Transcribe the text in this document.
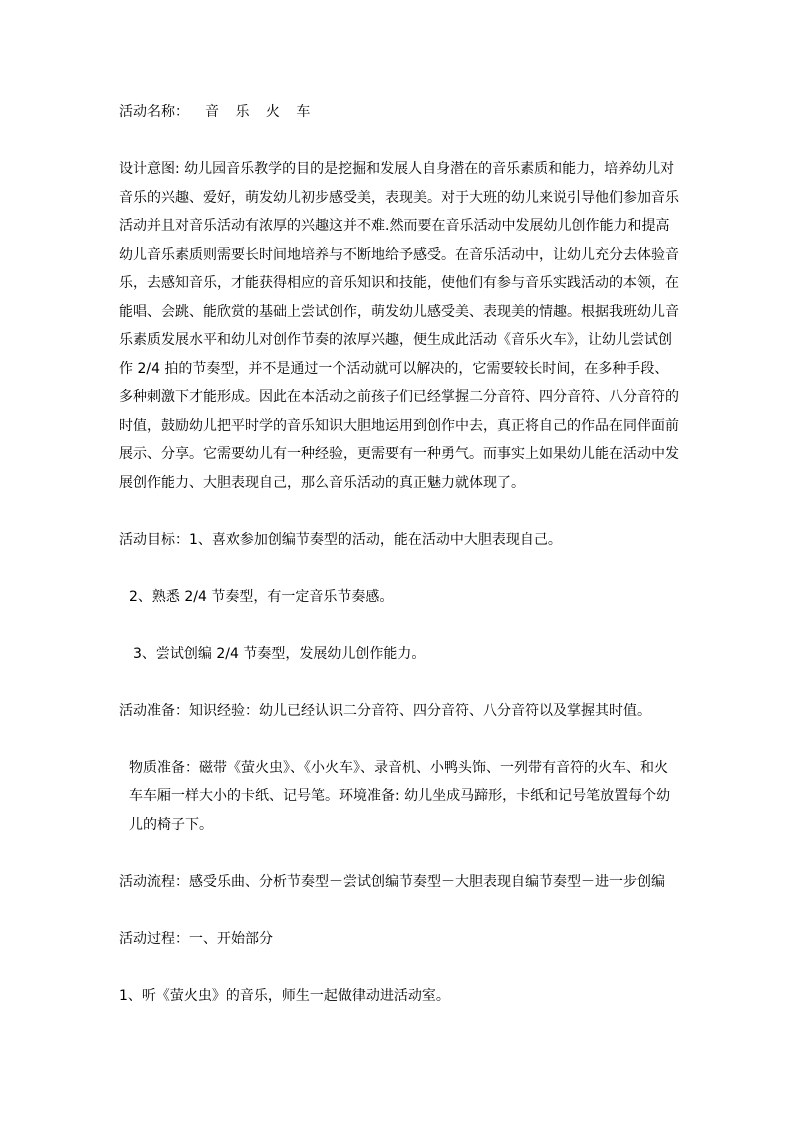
活动名称： 音 乐 火 车

设计意图: 幼儿园音乐教学的目的是挖掘和发展人自身潜在的音乐素质和能力，培养幼儿对音乐的兴趣、爱好，萌发幼儿初步感受美，表现美。对于大班的幼儿来说引导他们参加音乐活动并且对音乐活动有浓厚的兴趣这并不难.然而要在音乐活动中发展幼儿创作能力和提高幼儿音乐素质则需要长时间地培养与不断地给予感受。在音乐活动中，让幼儿充分去体验音乐，去感知音乐，才能获得相应的音乐知识和技能，使他们有参与音乐实践活动的本领，在能唱、会跳、能欣赏的基础上尝试创作，萌发幼儿感受美、表现美的情趣。根据我班幼儿音乐素质发展水平和幼儿对创作节奏的浓厚兴趣，便生成此活动《音乐火车》，让幼儿尝试创作 2/4 拍的节奏型，并不是通过一个活动就可以解决的，它需要较长时间，在多种手段、多种刺激下才能形成。因此在本活动之前孩子们已经掌握二分音符、四分音符、八分音符的时值，鼓励幼儿把平时学的音乐知识大胆地运用到创作中去，真正将自己的作品在同伴面前展示、分享。它需要幼儿有一种经验，更需要有一种勇气。而事实上如果幼儿能在活动中发展创作能力、大胆表现自己，那么音乐活动的真正魅力就体现了。

活动目标：1、喜欢参加创编节奏型的活动，能在活动中大胆表现自己。

2、熟悉 2/4 节奏型，有一定音乐节奏感。

3、尝试创编 2/4 节奏型，发展幼儿创作能力。

活动准备：知识经验：幼儿已经认识二分音符、四分音符、八分音符以及掌握其时值。

物质准备：磁带《萤火虫》、《小火车》、录音机、小鸭头饰、一列带有音符的火车、和火车车厢一样大小的卡纸、记号笔。环境准备: 幼儿坐成马蹄形，卡纸和记号笔放置每个幼儿的椅子下。

活动流程：感受乐曲、分析节奏型－尝试创编节奏型－大胆表现自编节奏型－进一步创编

活动过程：一、开始部分

1、听《萤火虫》的音乐，师生一起做律动进活动室。
